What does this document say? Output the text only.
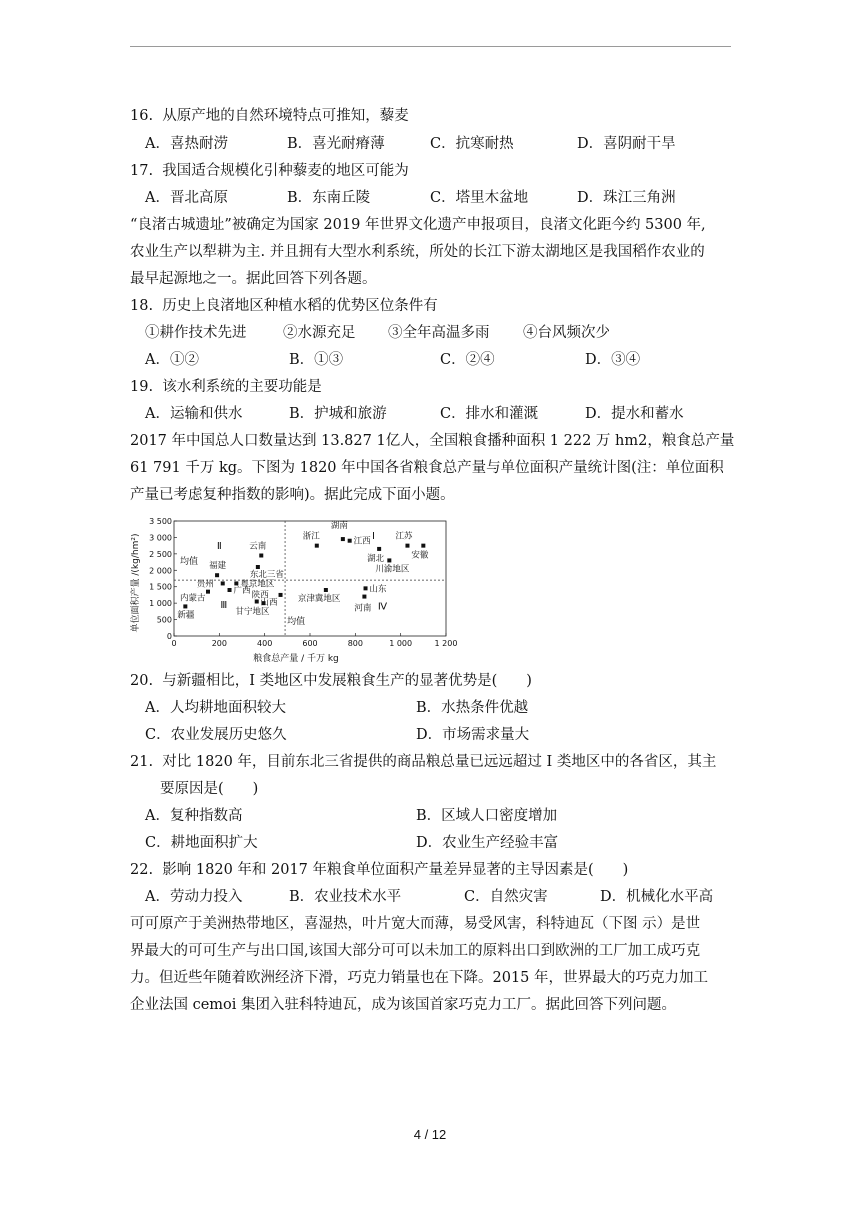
16.  从原产地的自然环境特点可推知，藜麦
A．喜热耐涝	B．喜光耐瘠薄	C．抗寒耐热	D．喜阴耐干旱
17.  我国适合规模化引种藜麦的地区可能为
A．晋北高原	B．东南丘陵	C．塔里木盆地	D．珠江三角洲
“良渚古城遗址”被确定为国家 2019 年世界文化遗产申报项目，良渚文化距今约 5300 年,
农业生产以犁耕为主. 并且拥有大型水利系统，所处的长江下游太湖地区是我国稻作农业的
最早起源地之一。据此回答下列各题。
18.  历史上良渚地区种植水稻的优势区位条件有
①耕作技术先进	②水源充足 ③全年高温多雨 ④台风频次少
A．①②	B．①③	C．②④	D．③④
19.  该水利系统的主要功能是
A．运输和供水	B．护城和旅游	C．排水和灌溉	D．提水和蓄水
2017 年中国总人口数量达到 13.827 1亿人，全国粮食播种面积 1 222 万 hm2，粮食总产量
61 791 千万 kg。下图为 1820 年中国各省粮食总产量与单位面积产量统计图(注：单位面积
产量已考虑复种指数的影响)。据此完成下面小题。
均值
均值
Ⅰ
Ⅱ
Ⅲ	Ⅳ
0	200	400	600	800	1 000	1 200
0
500
1 000
1 500
2 000
2 500
3 000
3 500
新疆
内蒙古
福建
贵州
广西
粤京地区
云南
东北三省
陕西
甘宁地区
山西
浙江
湖南
江西
湖北
江苏
安徽
川渝地区
京津冀地区
山东
河南
粮食总产量 / 千万 kg
单位面积产量 /(kg/hm²)
20.  与新疆相比，I 类地区中发展粮食生产的显著优势是(　　)
A．人均耕地面积较大	B．水热条件优越
C．农业发展历史悠久	D．市场需求量大
21.  对比 1820 年，目前东北三省提供的商品粮总量已远远超过 I 类地区中的各省区，其主
要原因是(　　)
A．复种指数高	B．区域人口密度增加
C．耕地面积扩大	D．农业生产经验丰富
22.  影响 1820 年和 2017 年粮食单位面积产量差异显著的主导因素是(　　)
A．劳动力投入	B．农业技术水平	C．自然灾害	D．机械化水平高
可可原产于美洲热带地区，喜湿热，叶片宽大而薄，易受风害，科特迪瓦（下图 示）是世
界最大的可可生产与出口国,该国大部分可可以未加工的原料出口到欧洲的工厂加工成巧克
力。但近些年随着欧洲经济下滑，巧克力销量也在下降。2015 年，世界最大的巧克力加工
企业法国 cemoi 集团入驻科特迪瓦，成为该国首家巧克力工厂。据此回答下列问题。
4 / 12
